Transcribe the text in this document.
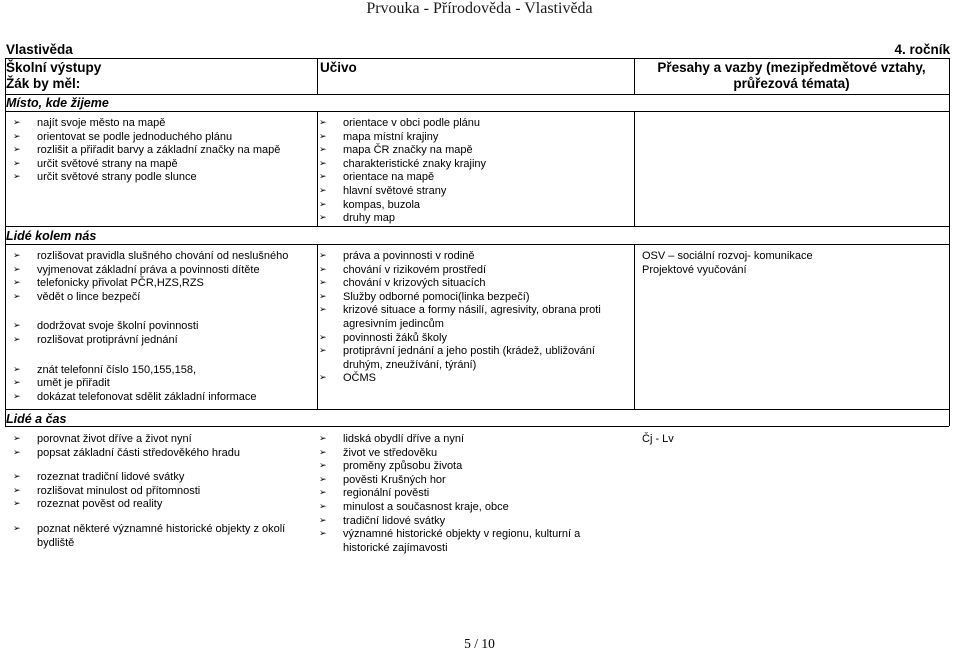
Prvouka - Přírodověda - Vlastivěda
Vlastivěda	4. ročník
Školní výstupy
Žák by měl:
Učivo	Přesahy a vazby (mezipředmětové vztahy,
průřezová témata)
Místo, kde žijeme
➢ najít svoje město na mapě
➢ orientovat se podle jednoduchého plánu
➢ rozlišit a přiřadit barvy a základní značky na mapě
➢ určit světové strany na mapě
➢ určit světové strany podle slunce
➢ orientace v obci podle plánu
➢ mapa místní krajiny
➢ mapa ČR značky na mapě
➢ charakteristické znaky krajiny
➢ orientace na mapě
➢ hlavní světové strany
➢ kompas, buzola
➢ druhy map
Lidé kolem nás
➢ rozlišovat pravidla slušného chování od neslušného
➢ vyjmenovat základní práva a povinnosti dítěte
➢ telefonicky přivolat PČR,HZS,RZS
➢ vědět o lince bezpečí
➢ dodržovat svoje školní povinnosti
➢ rozlišovat protiprávní jednání
➢ znát telefonní číslo 150,155,158,
➢ umět je přiřadit
➢ dokázat telefonovat sdělit základní informace
➢ práva a povinnosti v rodině
➢ chování v rizikovém prostředí
➢ chování v krizových situacích
➢ Služby odborné pomoci(linka bezpečí)
➢ krizové situace a formy násilí, agresivity, obrana proti agresivním jedincům
➢ povinnosti žáků školy
➢ protiprávní jednání a jeho postih (krádež, ubližování druhým, zneužívání, týrání)
➢ OČMS
OSV – sociální rozvoj- komunikace
Projektové vyučování
Lidé a čas
➢ porovnat život dříve a život nyní
➢ popsat základní části středověkého hradu
➢ rozeznat tradiční lidové svátky
➢ rozlišovat minulost od přítomnosti
➢ rozeznat pověst od reality
➢ poznat některé významné historické objekty z okolí bydliště
➢ lidská obydlí dříve a nyní
➢ život ve středověku
➢ proměny způsobu života
➢ pověsti Krušných hor
➢ regionální pověsti
➢ minulost a současnost kraje, obce
➢ tradiční lidové svátky
➢ významné historické objekty v regionu, kulturní a historické zajímavosti
Čj - Lv
5 / 10
